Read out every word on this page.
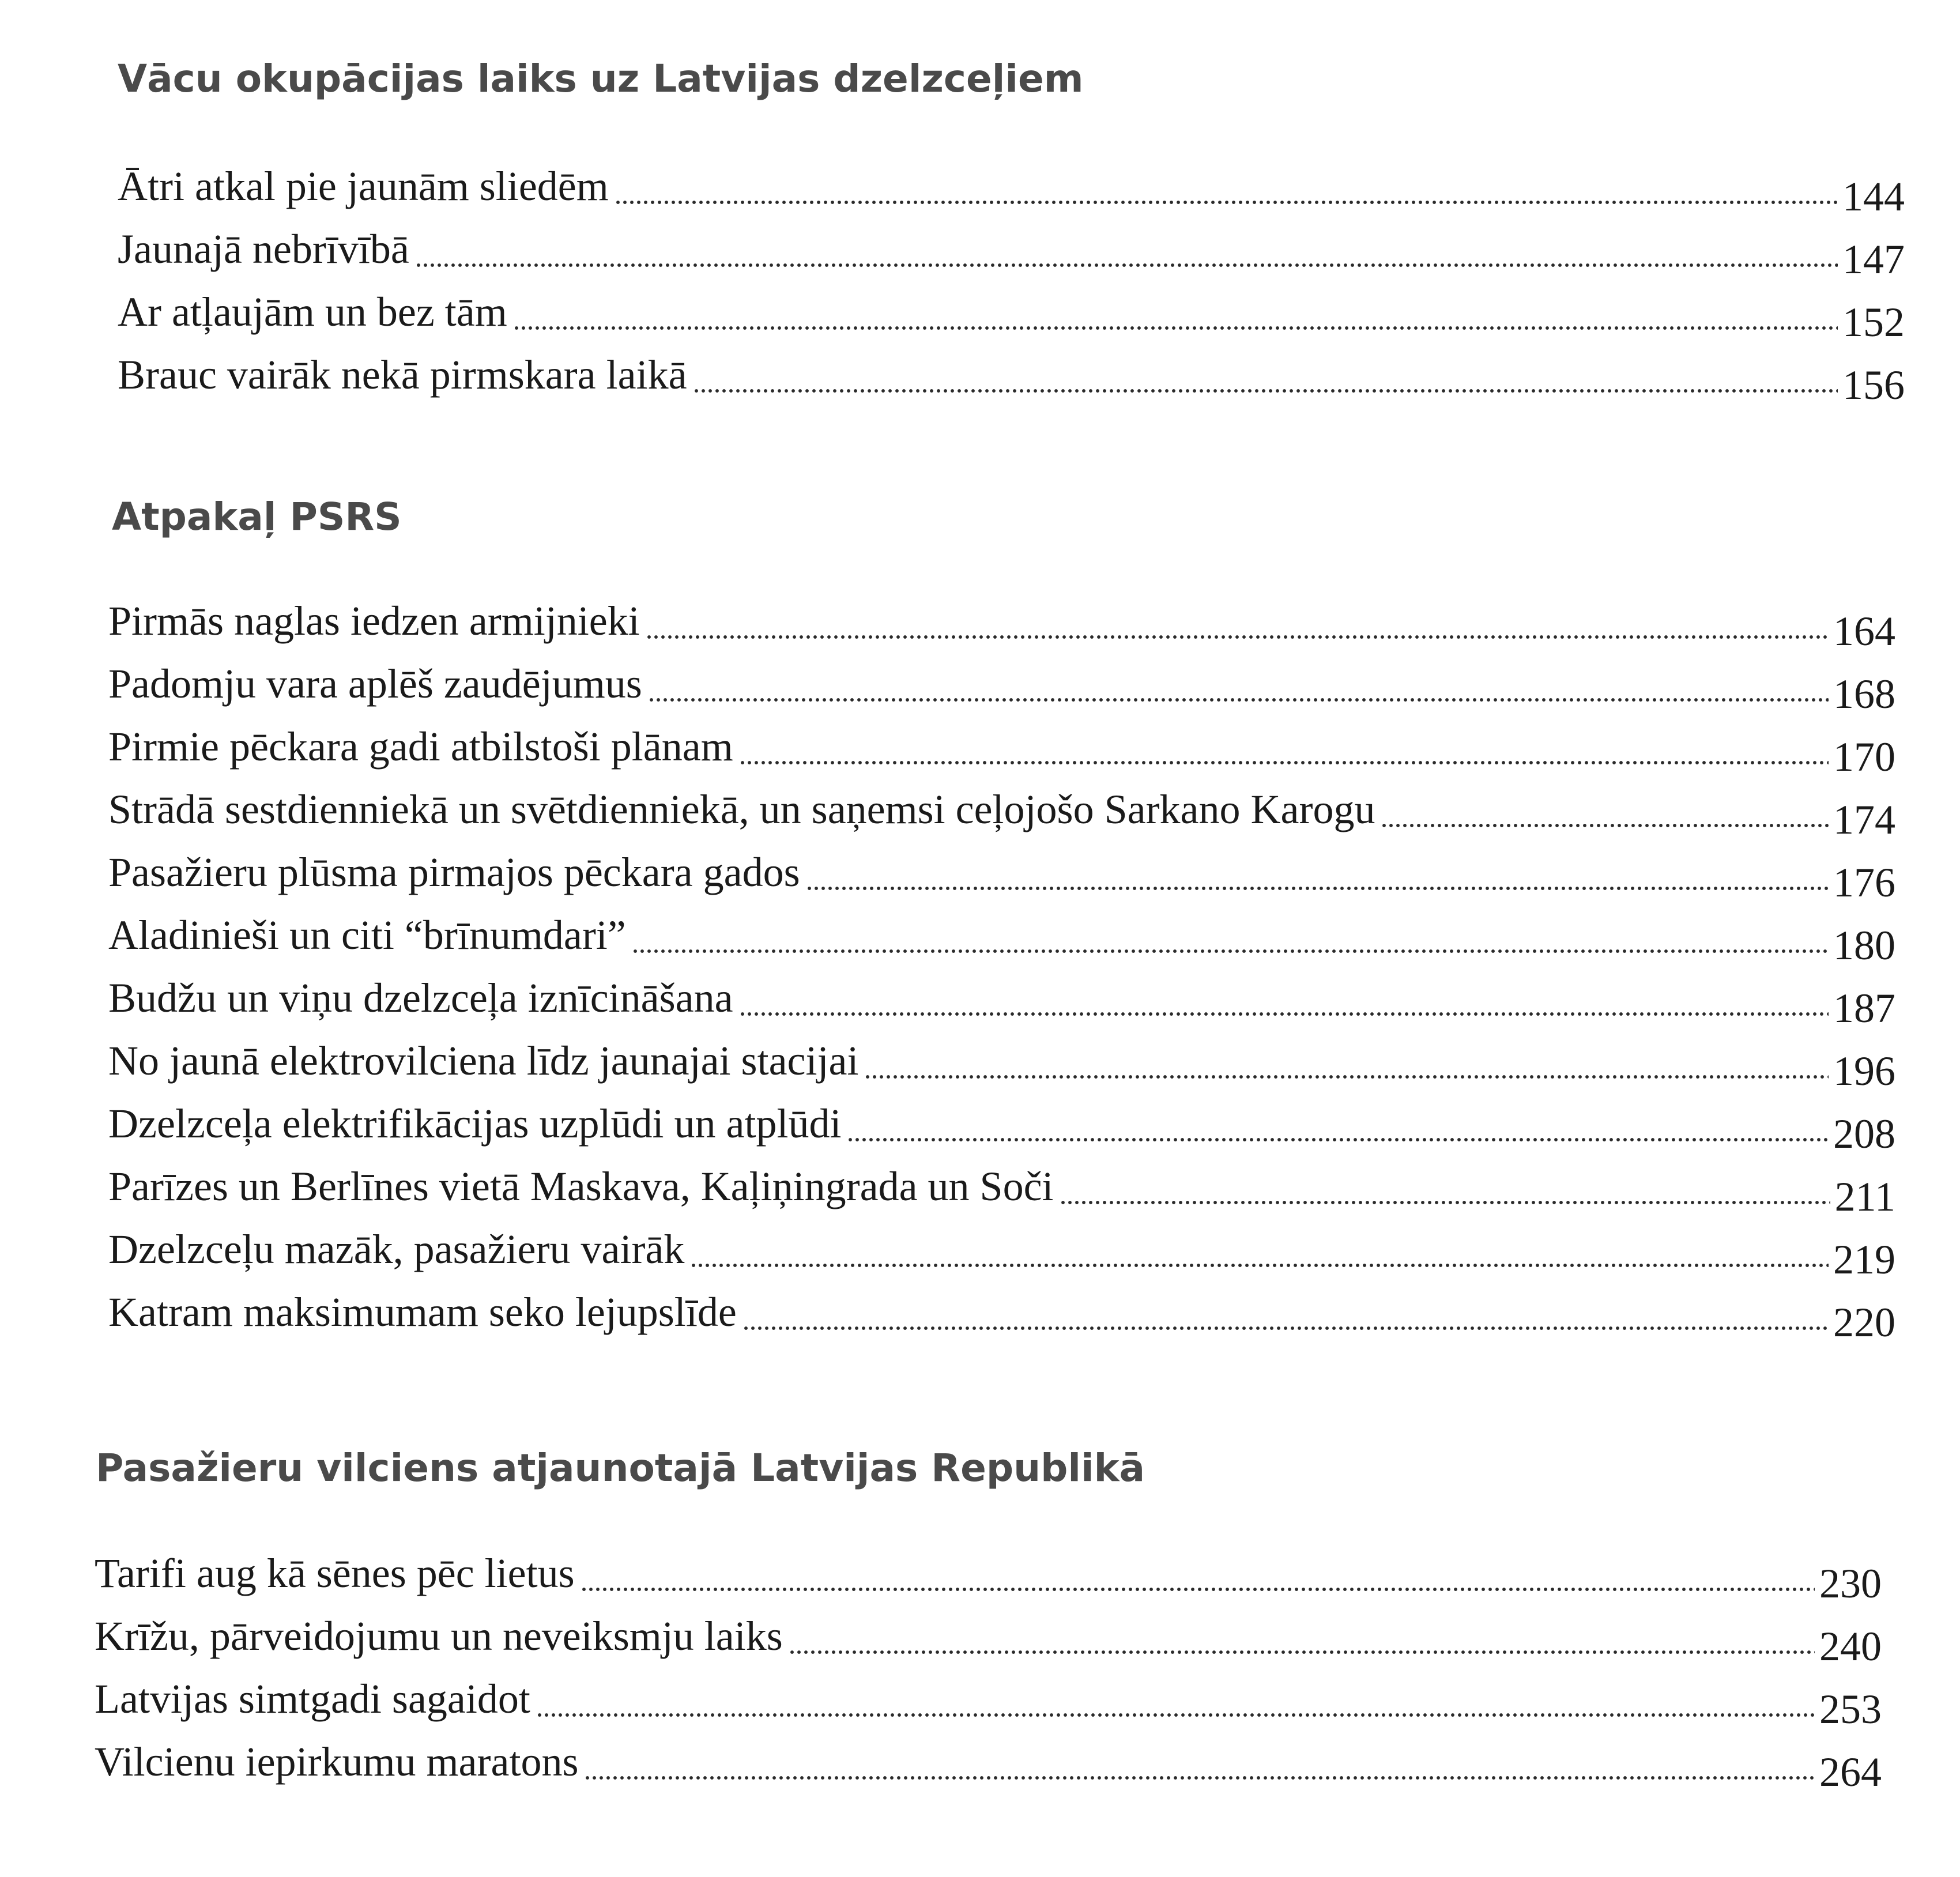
Vācu okupācijas laiks uz Latvijas dzelzceļiem
Ātri atkal pie jaunām sliedēm	144
Jaunajā nebrīvībā	147
Ar atļaujām un bez tām	152
Brauc vairāk nekā pirmskara laikā	156
Atpakaļ PSRS
Pirmās naglas iedzen armijnieki	164
Padomju vara aplēš zaudējumus	168
Pirmie pēckara gadi atbilstoši plānam	170
Strādā sestdienniekā un svētdienniekā, un saņemsi ceļojošo Sarkano Karogu	174
Pasažieru plūsma pirmajos pēckara gados	176
Aladinieši un citi “brīnumdari”	180
Budžu un viņu dzelzceļa iznīcināšana	187
No jaunā elektrovilciena līdz jaunajai stacijai	196
Dzelzceļa elektrifikācijas uzplūdi un atplūdi	208
Parīzes un Berlīnes vietā Maskava, Kaļiņingrada un Soči	211
Dzelzceļu mazāk, pasažieru vairāk	219
Katram maksimumam seko lejupslīde	220
Pasažieru vilciens atjaunotajā Latvijas Republikā
Tarifi aug kā sēnes pēc lietus	230
Krīžu, pārveidojumu un neveiksmju laiks	240
Latvijas simtgadi sagaidot	253
Vilcienu iepirkumu maratons	264
